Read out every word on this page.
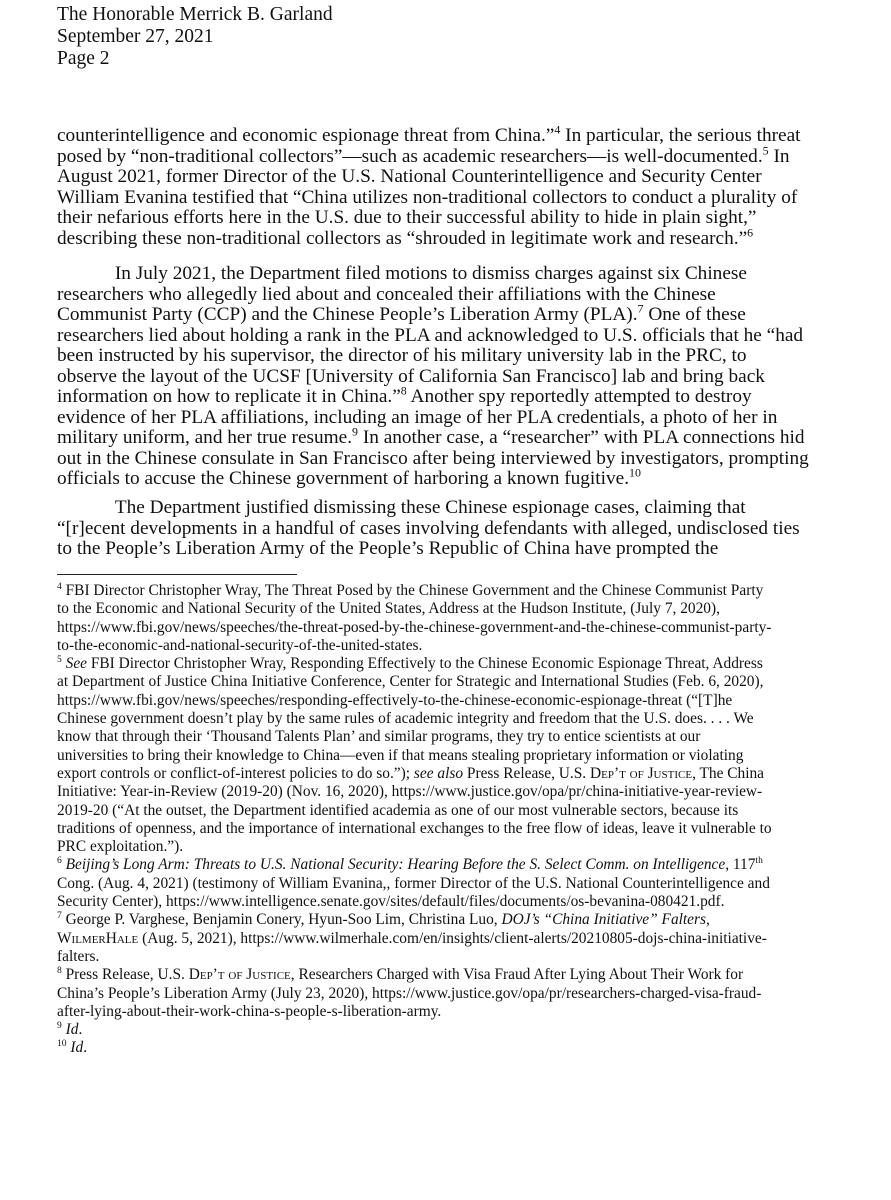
The Honorable Merrick B. Garland
September 27, 2021
Page 2
counterintelligence and economic espionage threat from China.”$^4$ In particular, the serious threat
posed by “non-traditional collectors”—such as academic researchers—is well-documented.$^5$ In
August 2021, former Director of the U.S. National Counterintelligence and Security Center
William Evanina testified that “China utilizes non-traditional collectors to conduct a plurality of
their nefarious efforts here in the U.S. due to their successful ability to hide in plain sight,”
describing these non-traditional collectors as “shrouded in legitimate work and research.”$^6$
In July 2021, the Department filed motions to dismiss charges against six Chinese
researchers who allegedly lied about and concealed their affiliations with the Chinese
Communist Party (CCP) and the Chinese People’s Liberation Army (PLA).$^7$ One of these
researchers lied about holding a rank in the PLA and acknowledged to U.S. officials that he “had
been instructed by his supervisor, the director of his military university lab in the PRC, to
observe the layout of the UCSF [University of California San Francisco] lab and bring back
information on how to replicate it in China.”$^8$ Another spy reportedly attempted to destroy
evidence of her PLA affiliations, including an image of her PLA credentials, a photo of her in
military uniform, and her true resume.$^9$ In another case, a “researcher” with PLA connections hid
out in the Chinese consulate in San Francisco after being interviewed by investigators, prompting
officials to accuse the Chinese government of harboring a known fugitive.$^{10}$
The Department justified dismissing these Chinese espionage cases, claiming that
“[r]ecent developments in a handful of cases involving defendants with alleged, undisclosed ties
to the People’s Liberation Army of the People’s Republic of China have prompted the
$^4$ FBI Director Christopher Wray, The Threat Posed by the Chinese Government and the Chinese Communist Party
to the Economic and National Security of the United States, Address at the Hudson Institute, (July 7, 2020),
https://www.fbi.gov/news/speeches/the-threat-posed-by-the-chinese-government-and-the-chinese-communist-party-
to-the-economic-and-national-security-of-the-united-states.
$^5$ See FBI Director Christopher Wray, Responding Effectively to the Chinese Economic Espionage Threat, Address
at Department of Justice China Initiative Conference, Center for Strategic and International Studies (Feb. 6, 2020),
https://www.fbi.gov/news/speeches/responding-effectively-to-the-chinese-economic-espionage-threat (“[T]he
Chinese government doesn’t play by the same rules of academic integrity and freedom that the U.S. does. . . . We
know that through their ‘Thousand Talents Plan’ and similar programs, they try to entice scientists at our
universities to bring their knowledge to China—even if that means stealing proprietary information or violating
export controls or conflict-of-interest policies to do so.”); see also Press Release, U.S. Dep’t of Justice, The China
Initiative: Year-in-Review (2019-20) (Nov. 16, 2020), https://www.justice.gov/opa/pr/china-initiative-year-review-
2019-20 (“At the outset, the Department identified academia as one of our most vulnerable sectors, because its
traditions of openness, and the importance of international exchanges to the free flow of ideas, leave it vulnerable to
PRC exploitation.”).
$^6$ Beijing’s Long Arm: Threats to U.S. National Security: Hearing Before the S. Select Comm. on Intelligence, 117th
Cong. (Aug. 4, 2021) (testimony of William Evanina,, former Director of the U.S. National Counterintelligence and
Security Center), https://www.intelligence.senate.gov/sites/default/files/documents/os-bevanina-080421.pdf.
$^7$ George P. Varghese, Benjamin Conery, Hyun-Soo Lim, Christina Luo, DOJ’s “China Initiative” Falters,
WilmerHale (Aug. 5, 2021), https://www.wilmerhale.com/en/insights/client-alerts/20210805-dojs-china-initiative-
falters.
$^8$ Press Release, U.S. Dep’t of Justice, Researchers Charged with Visa Fraud After Lying About Their Work for
China’s People’s Liberation Army (July 23, 2020), https://www.justice.gov/opa/pr/researchers-charged-visa-fraud-
after-lying-about-their-work-china-s-people-s-liberation-army.
$^9$ Id.
$^{10}$ Id.
